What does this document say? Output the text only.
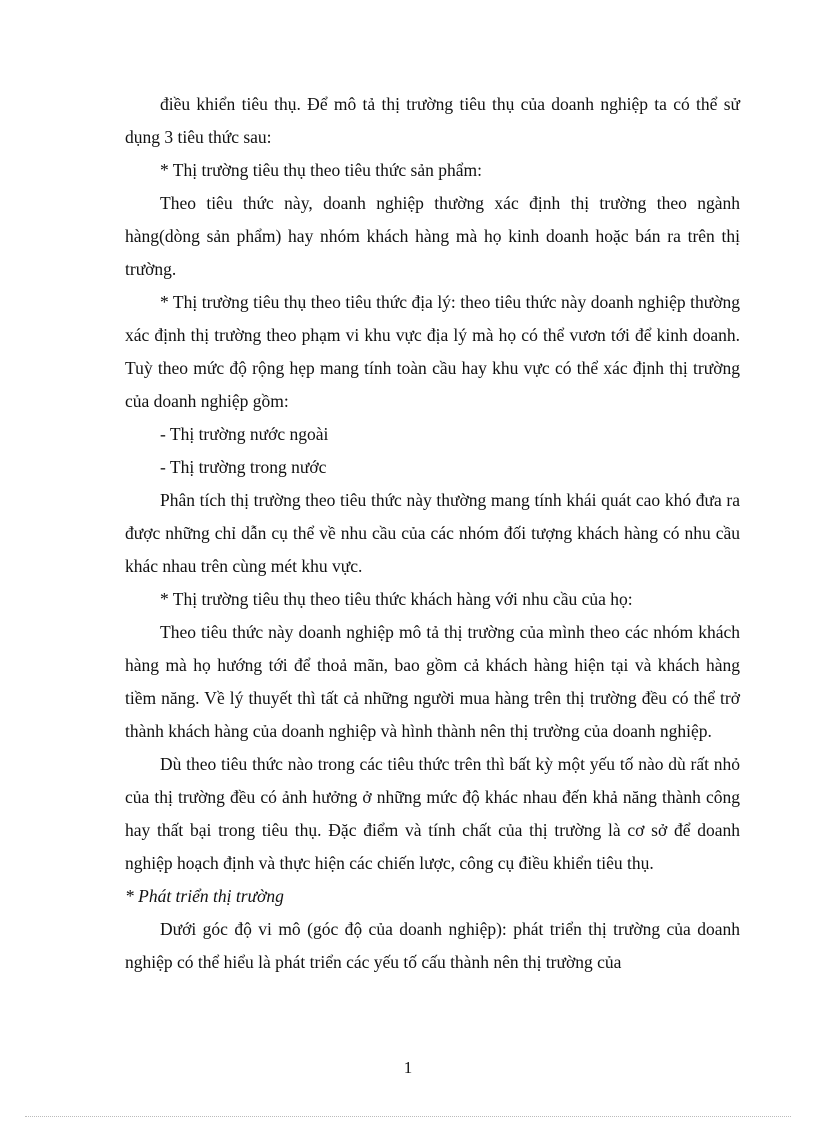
điều khiển tiêu thụ. Để mô tả thị trường tiêu thụ của doanh nghiệp ta có thể sử dụng 3 tiêu thức sau:

* Thị trường tiêu thụ theo tiêu thức sản phẩm:

Theo tiêu thức này, doanh nghiệp thường xác định thị trường theo ngành hàng(dòng sản phẩm) hay nhóm khách hàng mà họ kinh doanh hoặc bán ra trên thị trường.

* Thị trường tiêu thụ theo tiêu thức địa lý: theo tiêu thức này doanh nghiệp thường xác định thị trường theo phạm vi khu vực địa lý mà họ có thể vươn tới để kinh doanh. Tuỳ theo mức độ rộng hẹp mang tính toàn cầu hay khu vực có thể xác định thị trường của doanh nghiệp gồm:

- Thị trường nước ngoài

- Thị trường trong nước

Phân tích thị trường theo tiêu thức này thường mang tính khái quát cao khó đưa ra được những chỉ dẫn cụ thể về nhu cầu của các nhóm đối tượng khách hàng có nhu cầu khác nhau trên cùng mét khu vực.

* Thị trường tiêu thụ theo tiêu thức khách hàng với nhu cầu của họ:

Theo tiêu thức này doanh nghiệp mô tả thị trường của mình theo các nhóm khách hàng mà họ hướng tới để thoả mãn, bao gồm cả khách hàng hiện tại và khách hàng tiềm năng. Về lý thuyết thì tất cả những người mua hàng trên thị trường đều có thể trở thành khách hàng của doanh nghiệp và hình thành nên thị trường của doanh nghiệp.

Dù theo tiêu thức nào trong các tiêu thức trên thì bất kỳ một yếu tố nào dù rất nhỏ của thị trường đều có ảnh hưởng ở những mức độ khác nhau đến khả năng thành công hay thất bại trong tiêu thụ. Đặc điểm và tính chất của thị trường là cơ sở để doanh nghiệp hoạch định và thực hiện các chiến lược, công cụ điều khiển tiêu thụ.

* Phát triển thị trường

Dưới góc độ vi mô (góc độ của doanh nghiệp): phát triển thị trường của doanh nghiệp có thể hiểu là phát triển các yếu tố cấu thành nên thị trường của

1
